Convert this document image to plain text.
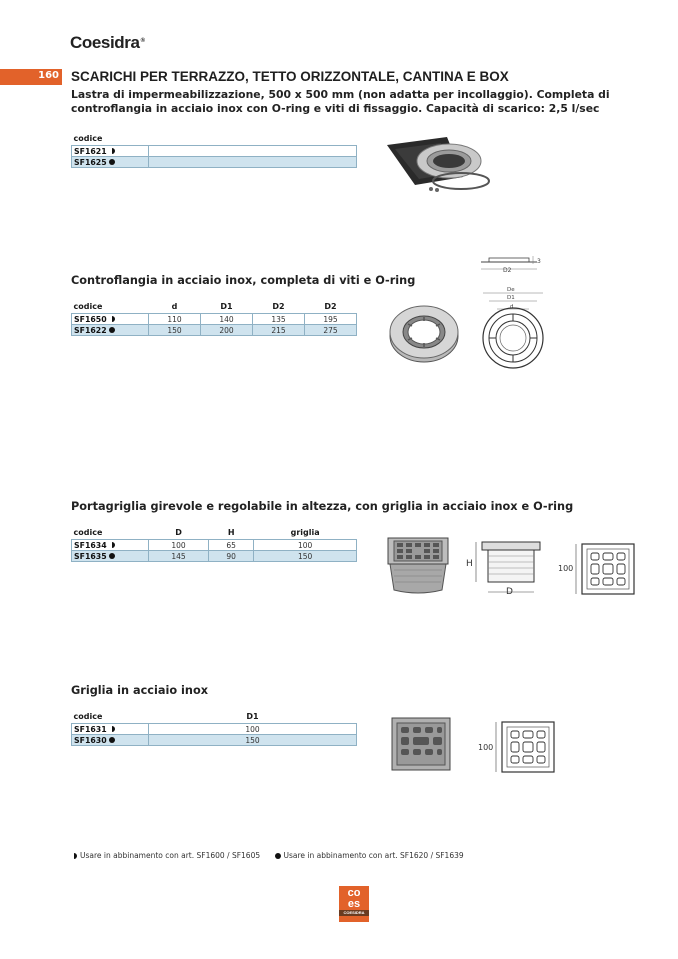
Coesidra®
160 SCARICHI PER TERRAZZO, TETTO ORIZZONTALE, CANTINA E BOX
Lastra di impermeabilizzazione, 500 x 500 mm (non adatta per incollaggio). Completa di controflangia in acciaio inox con O-ring e viti di fissaggio. Capacità di scarico: 2,5 l/sec
codice	
SF1621	
SF1625	
Controflangia in acciaio inox, completa di viti e O-ring
codice	d	D1	D2	D2
SF1650	110	140	135	195
SF1622	150	200	215	275
D2
3
De
D1
d
Portagriglia girevole e regolabile in altezza, con griglia in acciaio inox e O-ring
codice	D	H	griglia
SF1634	100	65	100
SF1635	145	90	150
H
D
100
Griglia in acciaio inox
codice	D1
SF1631	100
SF1630	150
100
Usare in abbinamento con art. SF1600 / SF1605	Usare in abbinamento con art. SF1620 / SF1639
co
es
COESIDRA
